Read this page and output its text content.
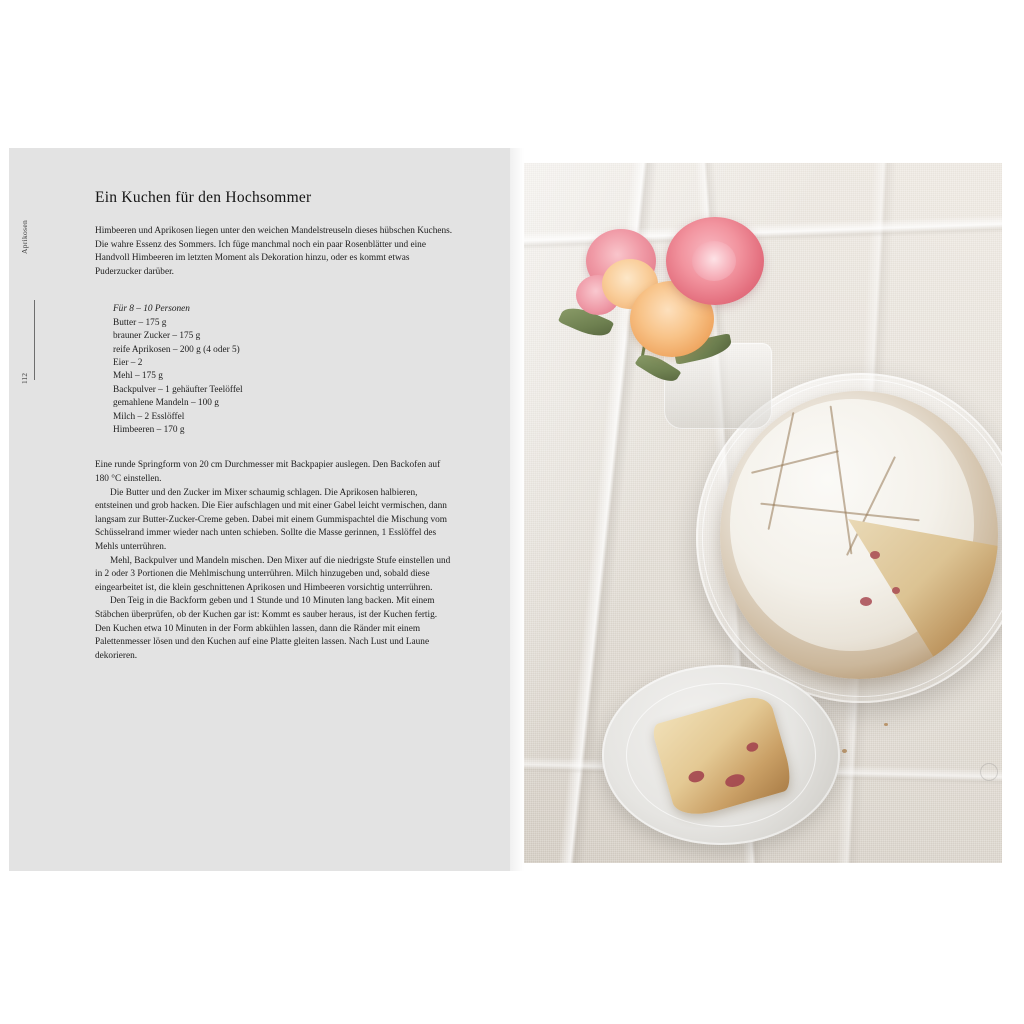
Aprikosen
112
Ein Kuchen für den Hochsommer

Himbeeren und Aprikosen liegen unter den weichen Mandelstreuseln dieses hübschen Kuchens. Die wahre Essenz des Sommers. Ich füge manchmal noch ein paar Rosenblätter und eine Handvoll Himbeeren im letzten Moment als Dekoration hinzu, oder es kommt etwas Puderzucker darüber.

Für 8 – 10 Personen
Butter – 175 g
brauner Zucker – 175 g
reife Aprikosen – 200 g (4 oder 5)
Eier – 2
Mehl – 175 g
Backpulver – 1 gehäufter Teelöffel
gemahlene Mandeln – 100 g
Milch – 2 Esslöffel
Himbeeren – 170 g

Eine runde Springform von 20 cm Durchmesser mit Backpapier auslegen. Den Backofen auf 180 °C einstellen.

Die Butter und den Zucker im Mixer schaumig schlagen. Die Aprikosen halbieren, entsteinen und grob hacken. Die Eier aufschlagen und mit einer Gabel leicht vermischen, dann langsam zur Butter-Zucker-Creme geben. Dabei mit einem Gummispachtel die Mischung vom Schüsselrand immer wieder nach unten schieben. Sollte die Masse gerinnen, 1 Esslöffel des Mehls unterrühren.

Mehl, Backpulver und Mandeln mischen. Den Mixer auf die niedrigste Stufe einstellen und in 2 oder 3 Portionen die Mehlmischung unterrühren. Milch hinzugeben und, sobald diese eingearbeitet ist, die klein geschnittenen Aprikosen und Himbeeren vorsichtig unterrühren.

Den Teig in die Backform geben und 1 Stunde und 10 Minuten lang backen. Mit einem Stäbchen überprüfen, ob der Kuchen gar ist: Kommt es sauber heraus, ist der Kuchen fertig. Den Kuchen etwa 10 Minuten in der Form abkühlen lassen, dann die Ränder mit einem Palettenmesser lösen und den Kuchen auf eine Platte gleiten lassen. Nach Lust und Laune dekorieren.
